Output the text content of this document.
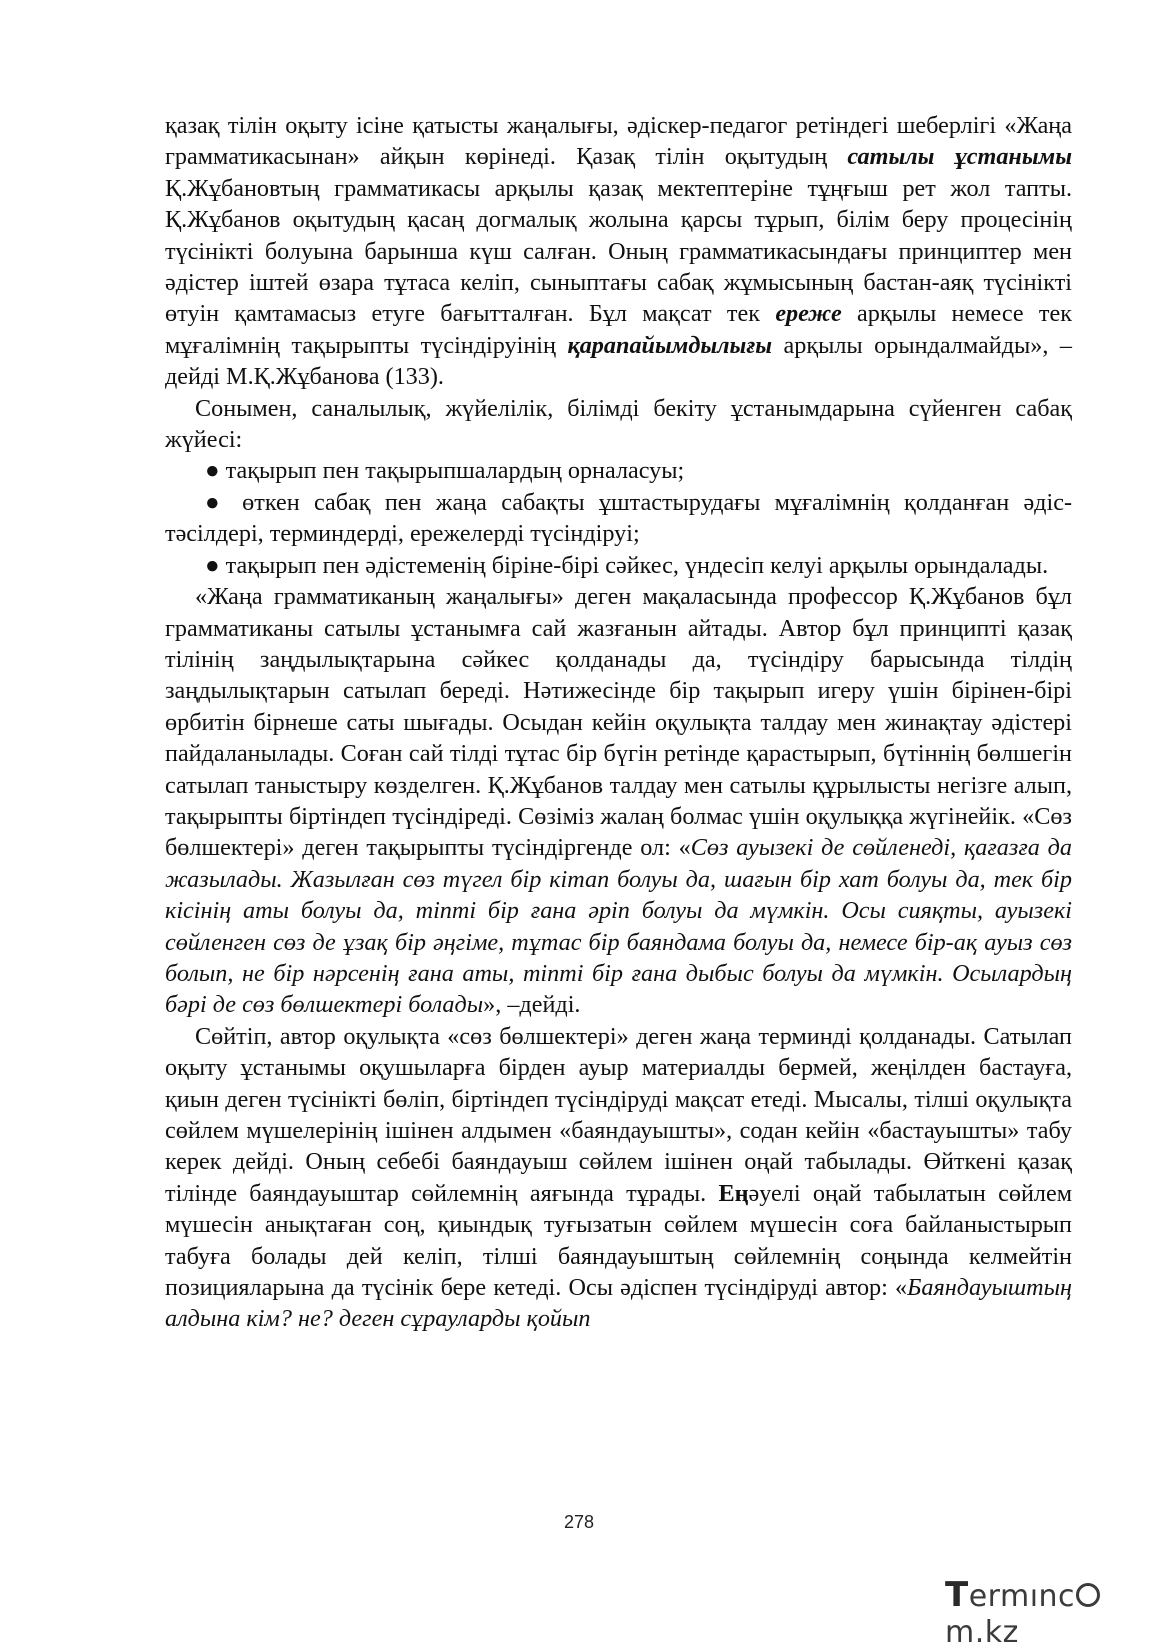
қазақ тілін оқыту ісіне қатысты жаңалығы, әдіскер-педагог ретіндегі шеберлігі «Жаңа грамматикасынан» айқын көрінеді. Қазақ тілін оқытудың сатылы ұстанымы Қ.Жұбановтың грамматикасы арқылы қазақ мектептеріне тұңғыш рет жол тапты. Қ.Жұбанов оқытудың қасаң догмалық жолына қарсы тұрып, білім беру процесінің түсінікті болуына барынша күш салған. Оның грамматикасындағы принциптер мен әдістер іштей өзара тұтаса келіп, сыныптағы сабақ жұмысының бастан-аяқ түсінікті өтуін қамтамасыз етуге бағытталған. Бұл мақсат тек ереже арқылы немесе тек мұғалімнің тақырыпты түсіндіруінің қарапайымдылығы арқылы орындалмайды», – дейді М.Қ.Жұбанова (133).

Сонымен, саналылық, жүйелілік, білімді бекіту ұстанымдарына сүйенген сабақ жүйесі:

● тақырып пен тақырыпшалардың орналасуы;

● өткен сабақ пен жаңа сабақты ұштастырудағы мұғалімнің қолданған әдіс-тәсілдері, терминдерді, ережелерді түсіндіруі;

● тақырып пен әдістеменің біріне-бірі сәйкес, үндесіп келуі арқылы орындалады.

«Жаңа грамматиканың жаңалығы» деген мақаласында профессор Қ.Жұбанов бұл грамматиканы сатылы ұстанымға сай жазғанын айтады. Автор бұл принципті қазақ тілінің заңдылықтарына сәйкес қолданады да, түсіндіру барысында тілдің заңдылықтарын сатылап береді. Нәтижесінде бір тақырып игеру үшін бірінен-бірі өрбитін бірнеше саты шығады. Осыдан кейін оқулықта талдау мен жинақтау әдістері пайдаланылады. Соған сай тілді тұтас бір бүгін ретінде қарастырып, бүтіннің бөлшегін сатылап таныстыру көзделген. Қ.Жұбанов талдау мен сатылы құрылысты негізге алып, тақырыпты біртіндеп түсіндіреді. Сөзіміз жалаң болмас үшін оқулыққа жүгінейік. «Сөз бөлшектері» деген тақырыпты түсіндіргенде ол: «Сөз ауызекі де сөйленеді, қағазға да жазылады. Жазылған сөз түгел бір кітап болуы да, шағын бір хат болуы да, тек бір кісінің аты болуы да, тіпті бір ғана әріп болуы да мүмкін. Осы сияқты, ауызекі сөйленген сөз де ұзақ бір әңгіме, тұтас бір баяндама болуы да, немесе бір-ақ ауыз сөз болып, не бір нәрсенің ғана аты, тіпті бір ғана дыбыс болуы да мүмкін. Осылардың бәрі де сөз бөлшектері болады», –дейді.

Сөйтіп, автор оқулықта «сөз бөлшектері» деген жаңа терминді қолданады. Сатылап оқыту ұстанымы оқушыларға бірден ауыр материалды бермей, жеңілден бастауға, қиын деген түсінікті бөліп, біртіндеп түсіндіруді мақсат етеді. Мысалы, тілші оқулықта сөйлем мүшелерінің ішінен алдымен «баяндауышты», содан кейін «бастауышты» табу керек дейді. Оның себебі баяндауыш сөйлем ішінен оңай табылады. Өйткені қазақ тілінде баяндауыштар сөйлемнің аяғында тұрады. Еңәуелі оңай табылатын сөйлем мүшесін анықтаған соң, қиындық туғызатын сөйлем мүшесін соға байланыстырып табуға болады дей келіп, тілші баяндауыштың сөйлемнің соңында келмейтін позицияларына да түсінік бере кетеді. Осы әдіспен түсіндіруді автор: «Баяндауыштың алдына кім? не? деген сұрауларды қойып

278
Termıncm.kz
